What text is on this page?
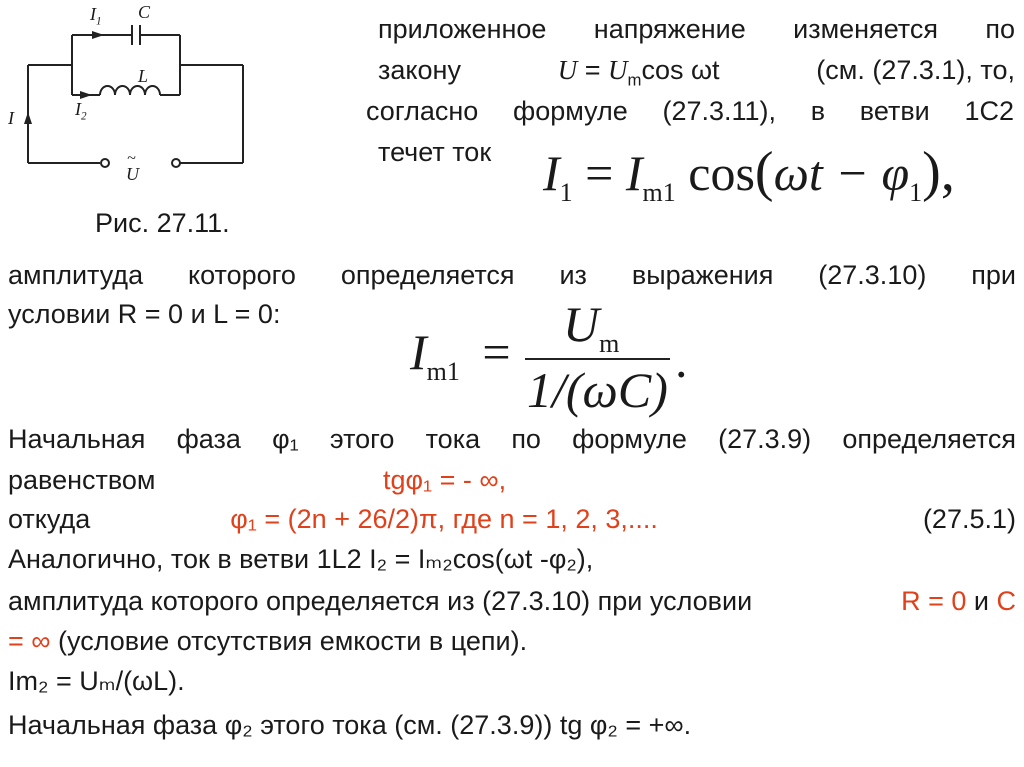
$I_1$ C
L
$I_2$
I
~
U
Рис. 27.11.
приложенное напряжение изменяется по
закону	$U = U_m\cos$ ωt	(см. (27.3.1), то,
согласно формуле (27.3.11), в ветви 1C2
течет ток $I_1 = I_{m1}$ $\cos(\omega t - \varphi_1)$,
амплитуда которого определяется из выражения (27.3.10) при
условии R = 0 и L = 0:
$I_{m1} = U_m$
1/(ωC)
.
Начальная фаза φ₁ этого тока по формуле (27.3.9) определяется
равенством	tgφ₁ = - ∞,
откуда	φ₁ = (2n + 26/2)π, где n = 1, 2, 3,....	(27.5.1)
Аналогично, ток в ветви 1L2 I₂ = Iₘ₂cos(ωt -φ₂),
амплитуда которого определяется из (27.3.10) при условии	R = 0 и C
= ∞ (условие отсутствия емкости в цепи).
Im₂ = Uₘ/(ωL).
Начальная фаза φ₂ этого тока (см. (27.3.9)) tg φ₂ = +∞.
